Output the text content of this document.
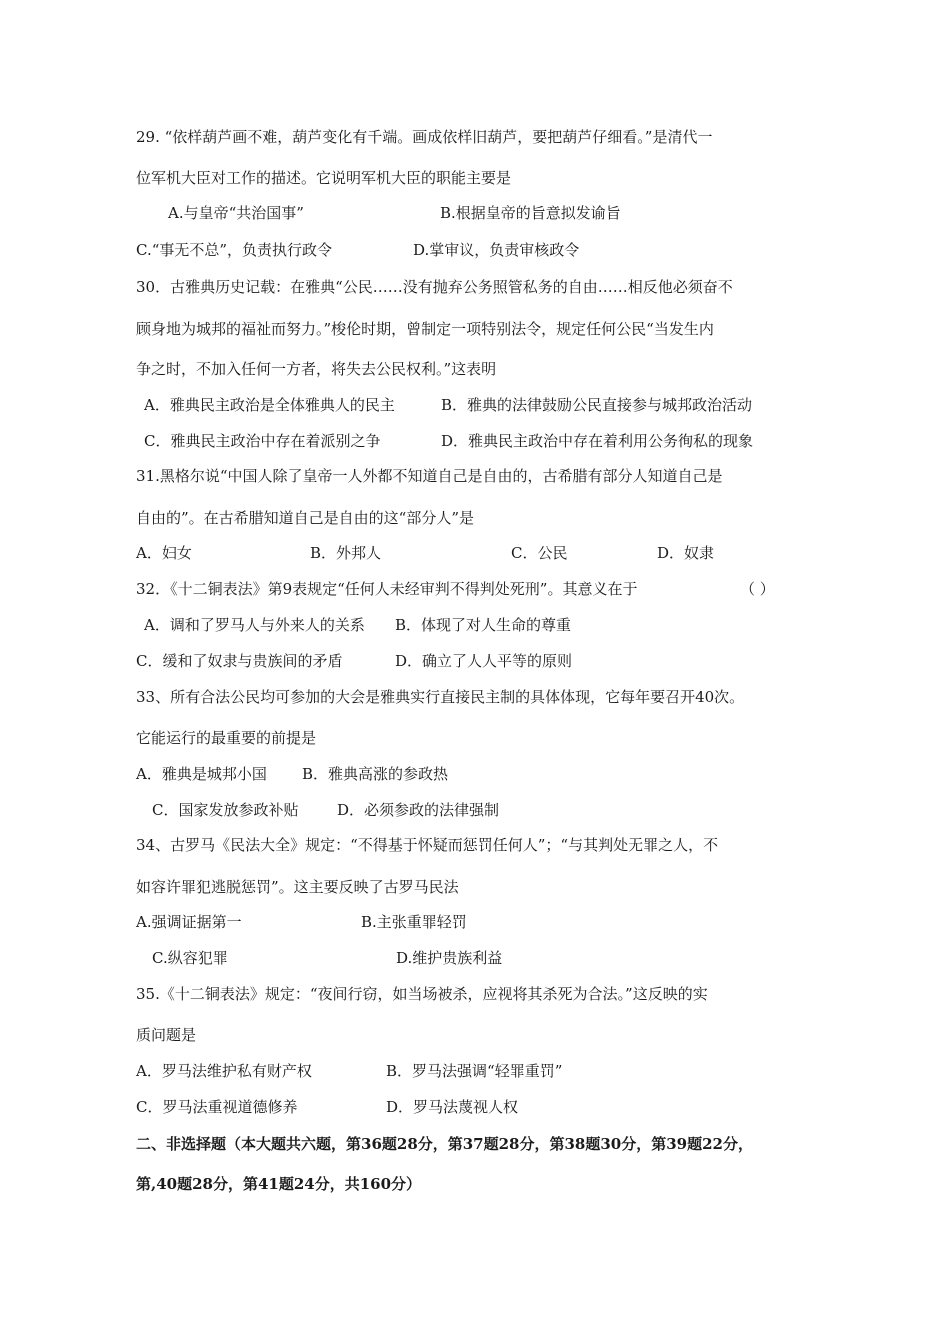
29. “依样葫芦画不难，葫芦变化有千端。画成依样旧葫芦，要把葫芦仔细看。”是清代一
位军机大臣对工作的描述。它说明军机大臣的职能主要是
A.与皇帝“共治国事”	B.根据皇帝的旨意拟发谕旨
C.“事无不总”，负责执行政令	D.掌审议，负责审核政令
30．古雅典历史记载：在雅典“公民……没有抛弃公务照管私务的自由……相反他必须奋不
顾身地为城邦的福祉而努力。”梭伦时期，曾制定一项特别法令，规定任何公民“当发生内
争之时，不加入任何一方者，将失去公民权利。”这表明
A．雅典民主政治是全体雅典人的民主	B．雅典的法律鼓励公民直接参与城邦政治活动
C．雅典民主政治中存在着派别之争	D．雅典民主政治中存在着利用公务徇私的现象
31.黑格尔说“中国人除了皇帝一人外都不知道自己是自由的，古希腊有部分人知道自己是
自由的”。在古希腊知道自己是自由的这“部分人”是
A．妇女	B．外邦人	C．公民	D．奴隶
32．《十二铜表法》第9表规定“任何人未经审判不得判处死刑”。其意义在于	（ ）
A．调和了罗马人与外来人的关系 B．体现了对人生命的尊重
C．缓和了奴隶与贵族间的矛盾	D．确立了人人平等的原则
33、所有合法公民均可参加的大会是雅典实行直接民主制的具体体现，它每年要召开40次。
它能运行的最重要的前提是
A．雅典是城邦小国 B．雅典高涨的参政热
C．国家发放参政补贴	D．必须参政的法律强制
34、古罗马《民法大全》规定：“不得基于怀疑而惩罚任何人”；“与其判处无罪之人，不
如容许罪犯逃脱惩罚”。这主要反映了古罗马民法
A.强调证据第一	B.主张重罪轻罚
C.纵容犯罪	D.维护贵族利益
35.《十二铜表法》规定：“夜间行窃，如当场被杀，应视将其杀死为合法。”这反映的实
质问题是
A．罗马法维护私有财产权	B．罗马法强调“轻罪重罚”
C．罗马法重视道德修养	D．罗马法蔑视人权
二、非选择题（本大题共六题，第36题28分，第37题28分，第38题30分，第39题22分，
第,40题28分，第41题24分，共160分）
